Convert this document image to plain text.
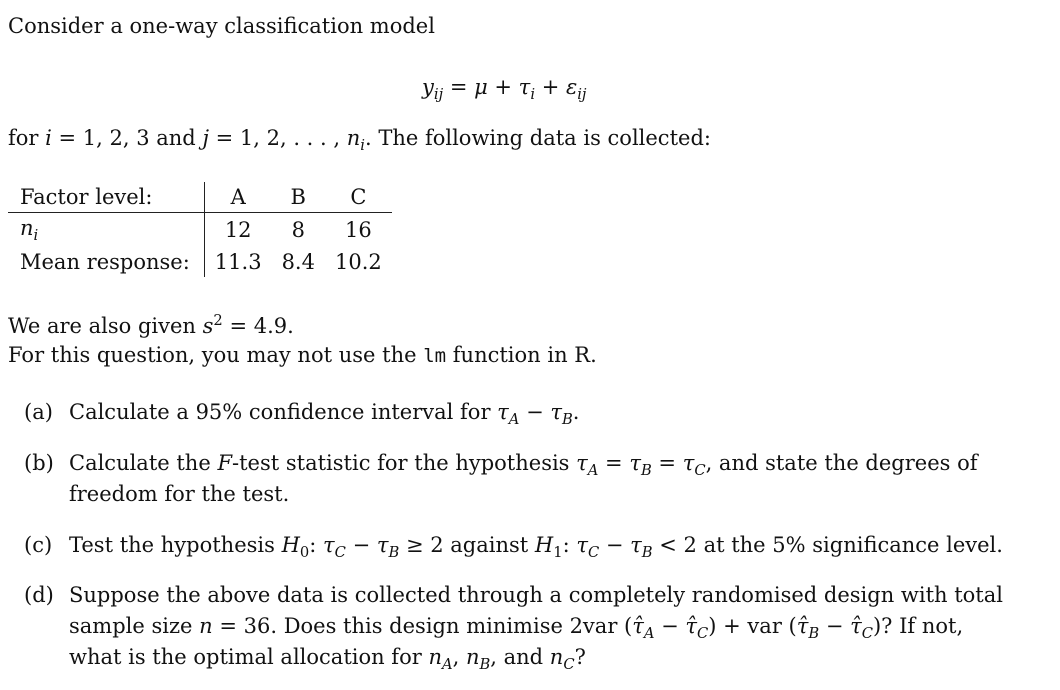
Consider a one-way classification model
$y_{ij} = \mu + \tau_i + \varepsilon_{ij}$
for i = 1, 2, 3 and j = 1, 2, . . . , $n_i$. The following data is collected:
Factor level:	A	B	C
$n_i$	12	8	16
Mean response:	11.3	8.4	10.2
We are also given $s^2 = 4.9$.
For this question, you may not use the lm function in R.
(a) Calculate a 95% confidence interval for $\tau_A - \tau_B$.
(b) Calculate the F-test statistic for the hypothesis $\tau_A = \tau_B = \tau_C$, and state the degrees of
freedom for the test.
(c) Test the hypothesis $H_0$: $\tau_C - \tau_B \ge 2$ against $H_1$: $\tau_C - \tau_B < 2$ at the 5% significance level.
(d) Suppose the above data is collected through a completely randomised design with total
sample size n = 36. Does this design minimise 2var ($\taû_A$ − $\taû_C$) + var ($\taû_B$ − $\taû_C$)? If not,
what is the optimal allocation for $n_A$, $n_B$, and $n_C$?
